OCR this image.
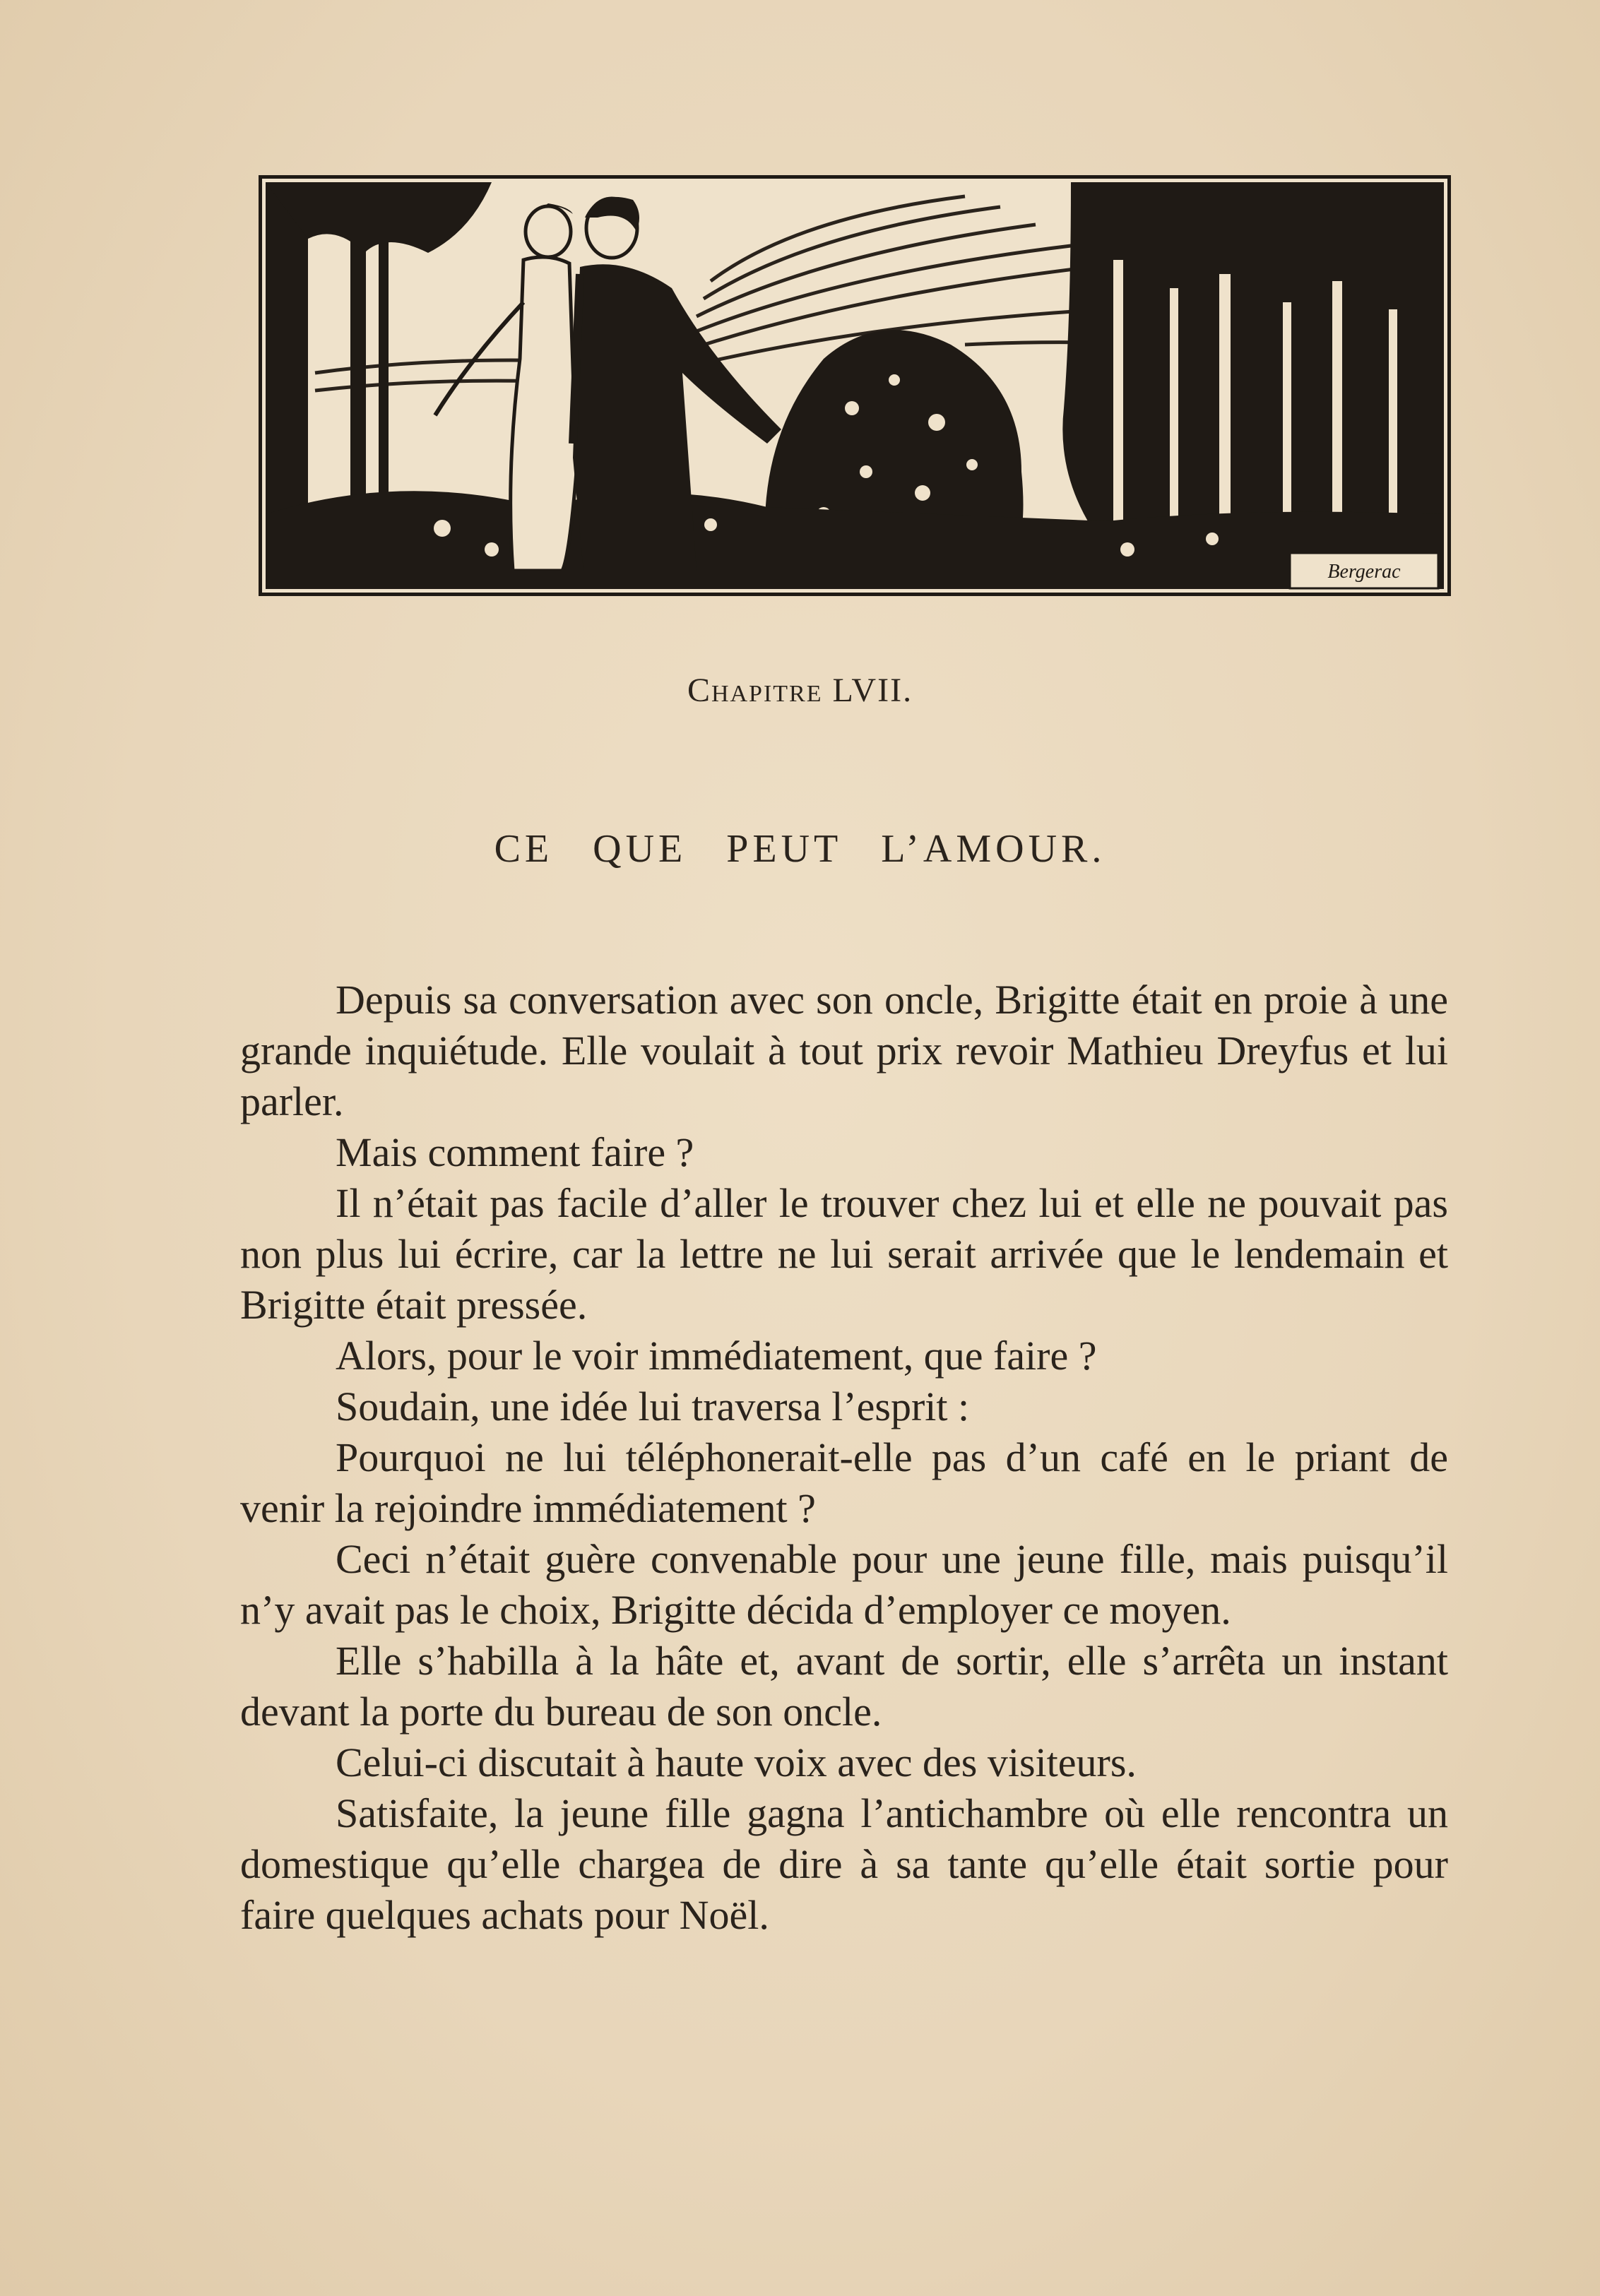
Bergerac
Chapitre LVII.
CE QUE PEUT L’AMOUR.

Depuis sa conversation avec son oncle, Brigitte était en proie à une grande inquiétude. Elle voulait à tout prix revoir Mathieu Dreyfus et lui parler.

Mais comment faire ?

Il n’était pas facile d’aller le trouver chez lui et elle ne pouvait pas non plus lui écrire, car la lettre ne lui serait arrivée que le lendemain et Brigitte était pressée.

Alors, pour le voir immédiatement, que faire ?

Soudain, une idée lui traversa l’esprit :

Pourquoi ne lui téléphonerait-elle pas d’un café en le priant de venir la rejoindre immédiatement ?

Ceci n’était guère convenable pour une jeune fille, mais puisqu’il n’y avait pas le choix, Brigitte décida d’employer ce moyen.

Elle s’habilla à la hâte et, avant de sortir, elle s’arrêta un instant devant la porte du bureau de son oncle.

Celui-ci discutait à haute voix avec des visiteurs.

Satisfaite, la jeune fille gagna l’antichambre où elle rencontra un domestique qu’elle chargea de dire à sa tante qu’elle était sortie pour faire quelques achats pour Noël.
